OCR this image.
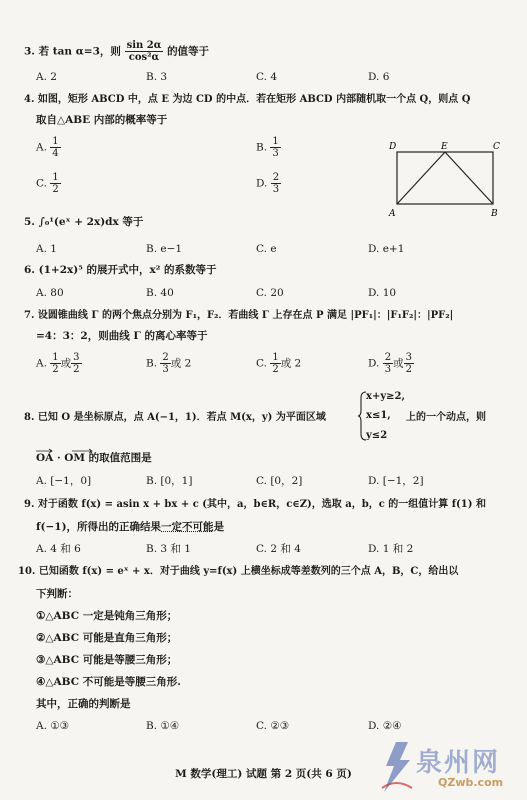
3. 若 tan α=3，则 $\frac{\sin 2\alpha}{\text{cos²α}}$ 的值等于
A. 2	B. 3	C. 4	D. 6
4. 如图，矩形 ABCD 中，点 E 为边 CD 的中点．若在矩形 ABCD 内部随机取一个点 Q，则点 Q
取自△ABE 内部的概率等于
A. $\frac{1}{4}$	B. $\frac{1}{3}$
C. $\frac{1}{2}$	D. $\frac{2}{3}$
D	E	C
A	B
5. ∫₀¹(eˣ + 2x)dx 等于
A. 1	B. e−1	C. e	D. e+1
6. (1+2x)⁵ 的展开式中，x² 的系数等于
A. 80	B. 40	C. 20	D. 10
7. 设圆锥曲线 Γ 的两个焦点分别为 F₁，F₂．若曲线 Γ 上存在点 P 满足 |PF₁|：|F₁F₂|：|PF₂|
=4：3：2，则曲线 Γ 的离心率等于
A. $\frac{1}{2}$ 或 $\frac{3}{2}$	B. $\frac{2}{3}$ 或 2	C. $\frac{1}{2}$ 或 2	D. $\frac{2}{3}$ 或 $\frac{3}{2}$
8. 已知 O 是坐标原点，点 A(−1，1)．若点 M(x，y) 为平面区域
x+y≥2,
x≤1,
y≤2
上的一个动点，则
OA · OM 的取值范围是
A. [−1，0]	B. [0，1]	C. [0，2]	D. [−1，2]
9. 对于函数 f(x) = asin x + bx + c (其中，a，b∈R，c∈Z)，选取 a，b，c 的一组值计算 f(1) 和
f(−1)，所得出的正确结果一定不可能是
A. 4 和 6	B. 3 和 1	C. 2 和 4	D. 1 和 2
10. 已知函数 f(x) = eˣ + x．对于曲线 y=f(x) 上横坐标成等差数列的三个点 A，B，C，给出以
下判断：
①△ABC 一定是钝角三角形；
②△ABC 可能是直角三角形；
③△ABC 可能是等腰三角形；
④△ABC 不可能是等腰三角形.
其中，正确的判断是
A. ①③	B. ①④	C. ②③	D. ②④
M 数学(理工) 试题 第 2 页(共 6 页)	泉州网
QZwb.com
